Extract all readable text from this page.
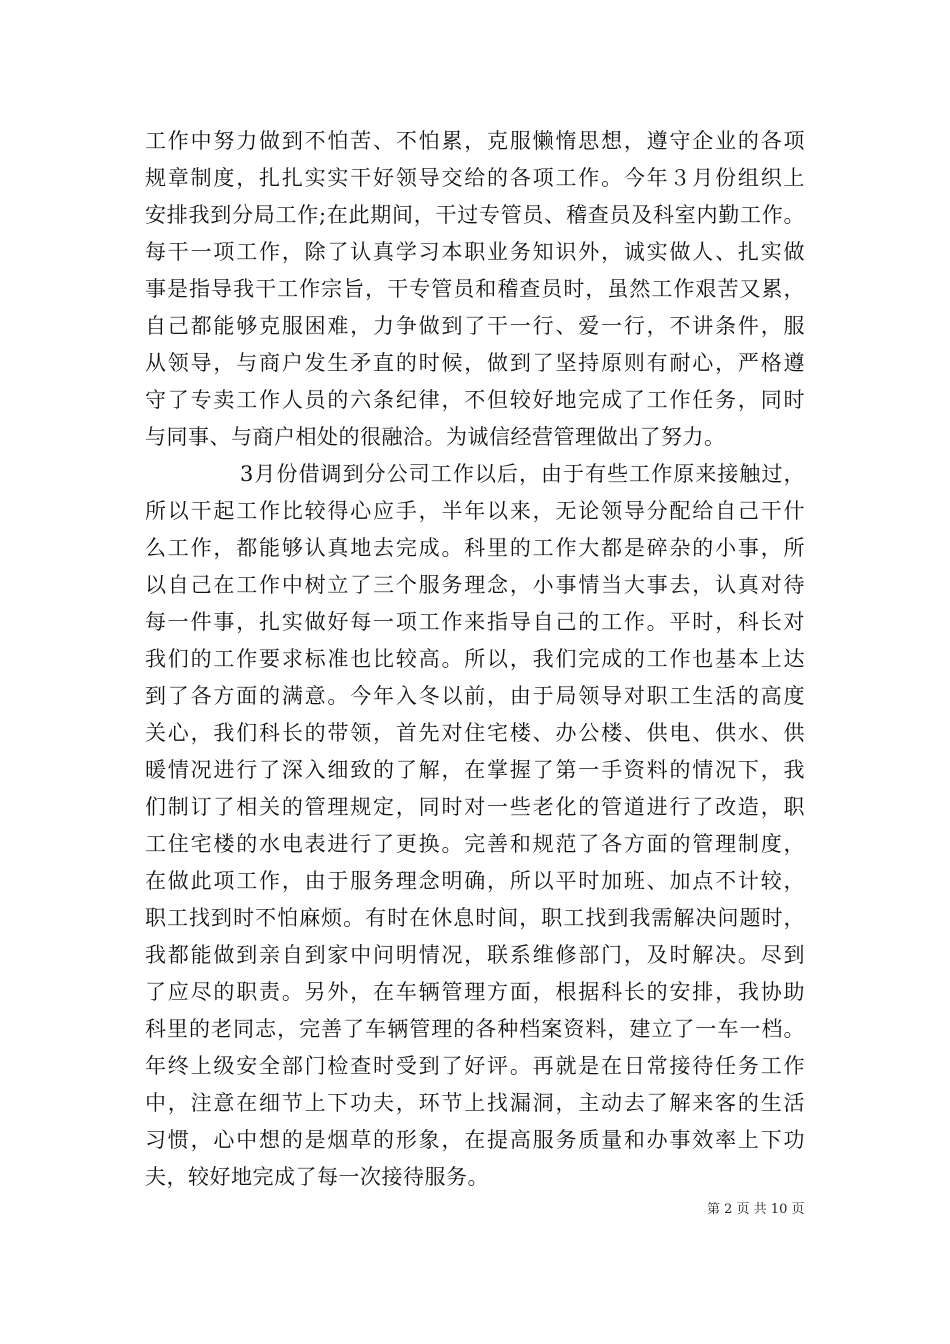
工作中努力做到不怕苦、不怕累，克服懒惰思想，遵守企业的各项
规章制度，扎扎实实干好领导交给的各项工作。今年３月份组织上
安排我到分局工作;在此期间，干过专管员、稽查员及科室内勤工作。
每干一项工作，除了认真学习本职业务知识外，诚实做人、扎实做
事是指导我干工作宗旨，干专管员和稽查员时，虽然工作艰苦又累，
自己都能够克服困难，力争做到了干一行、爱一行，不讲条件，服
从领导，与商户发生矛直的时候，做到了坚持原则有耐心，严格遵
守了专卖工作人员的六条纪律，不但较好地完成了工作任务，同时
与同事、与商户相处的很融洽。为诚信经营管理做出了努力。
3月份借调到分公司工作以后，由于有些工作原来接触过，
所以干起工作比较得心应手，半年以来，无论领导分配给自己干什
么工作，都能够认真地去完成。科里的工作大都是碎杂的小事，所
以自己在工作中树立了三个服务理念，小事情当大事去，认真对待
每一件事，扎实做好每一项工作来指导自己的工作。平时，科长对
我们的工作要求标准也比较高。所以，我们完成的工作也基本上达
到了各方面的满意。今年入冬以前，由于局领导对职工生活的高度
关心，我们科长的带领，首先对住宅楼、办公楼、供电、供水、供
暖情况进行了深入细致的了解，在掌握了第一手资料的情况下，我
们制订了相关的管理规定，同时对一些老化的管道进行了改造，职
工住宅楼的水电表进行了更换。完善和规范了各方面的管理制度，
在做此项工作，由于服务理念明确，所以平时加班、加点不计较，
职工找到时不怕麻烦。有时在休息时间，职工找到我需解决问题时，
我都能做到亲自到家中问明情况，联系维修部门，及时解决。尽到
了应尽的职责。另外，在车辆管理方面，根据科长的安排，我协助
科里的老同志，完善了车辆管理的各种档案资料，建立了一车一档。
年终上级安全部门检查时受到了好评。再就是在日常接待任务工作
中，注意在细节上下功夫，环节上找漏洞，主动去了解来客的生活
习惯，心中想的是烟草的形象，在提高服务质量和办事效率上下功
夫，较好地完成了每一次接待服务。
第 2 页 共 10 页
